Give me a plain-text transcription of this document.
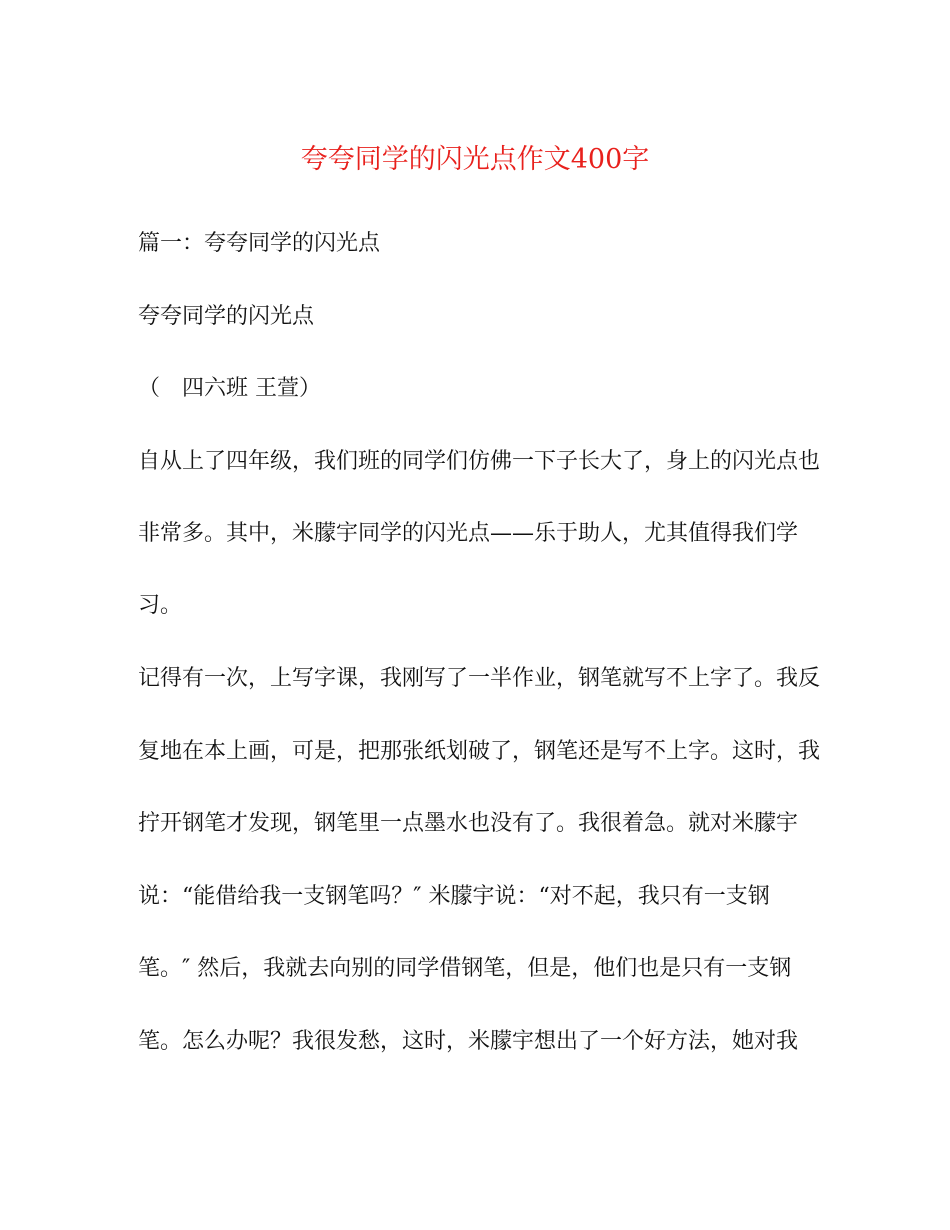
夸夸同学的闪光点作文400字
篇一：夸夸同学的闪光点
夸夸同学的闪光点
（　四六班 王萱）
自从上了四年级，我们班的同学们仿佛一下子长大了，身上的闪光点也
非常多。其中，米朦宇同学的闪光点——乐于助人，尤其值得我们学
习。
记得有一次，上写字课，我刚写了一半作业，钢笔就写不上字了。我反
复地在本上画，可是，把那张纸划破了，钢笔还是写不上字。这时，我
拧开钢笔才发现，钢笔里一点墨水也没有了。我很着急。就对米朦宇
说：“能借给我一支钢笔吗？″ 米朦宇说：“对不起，我只有一支钢
笔。″ 然后，我就去向别的同学借钢笔，但是，他们也是只有一支钢
笔。怎么办呢？我很发愁，这时，米朦宇想出了一个好方法，她对我
